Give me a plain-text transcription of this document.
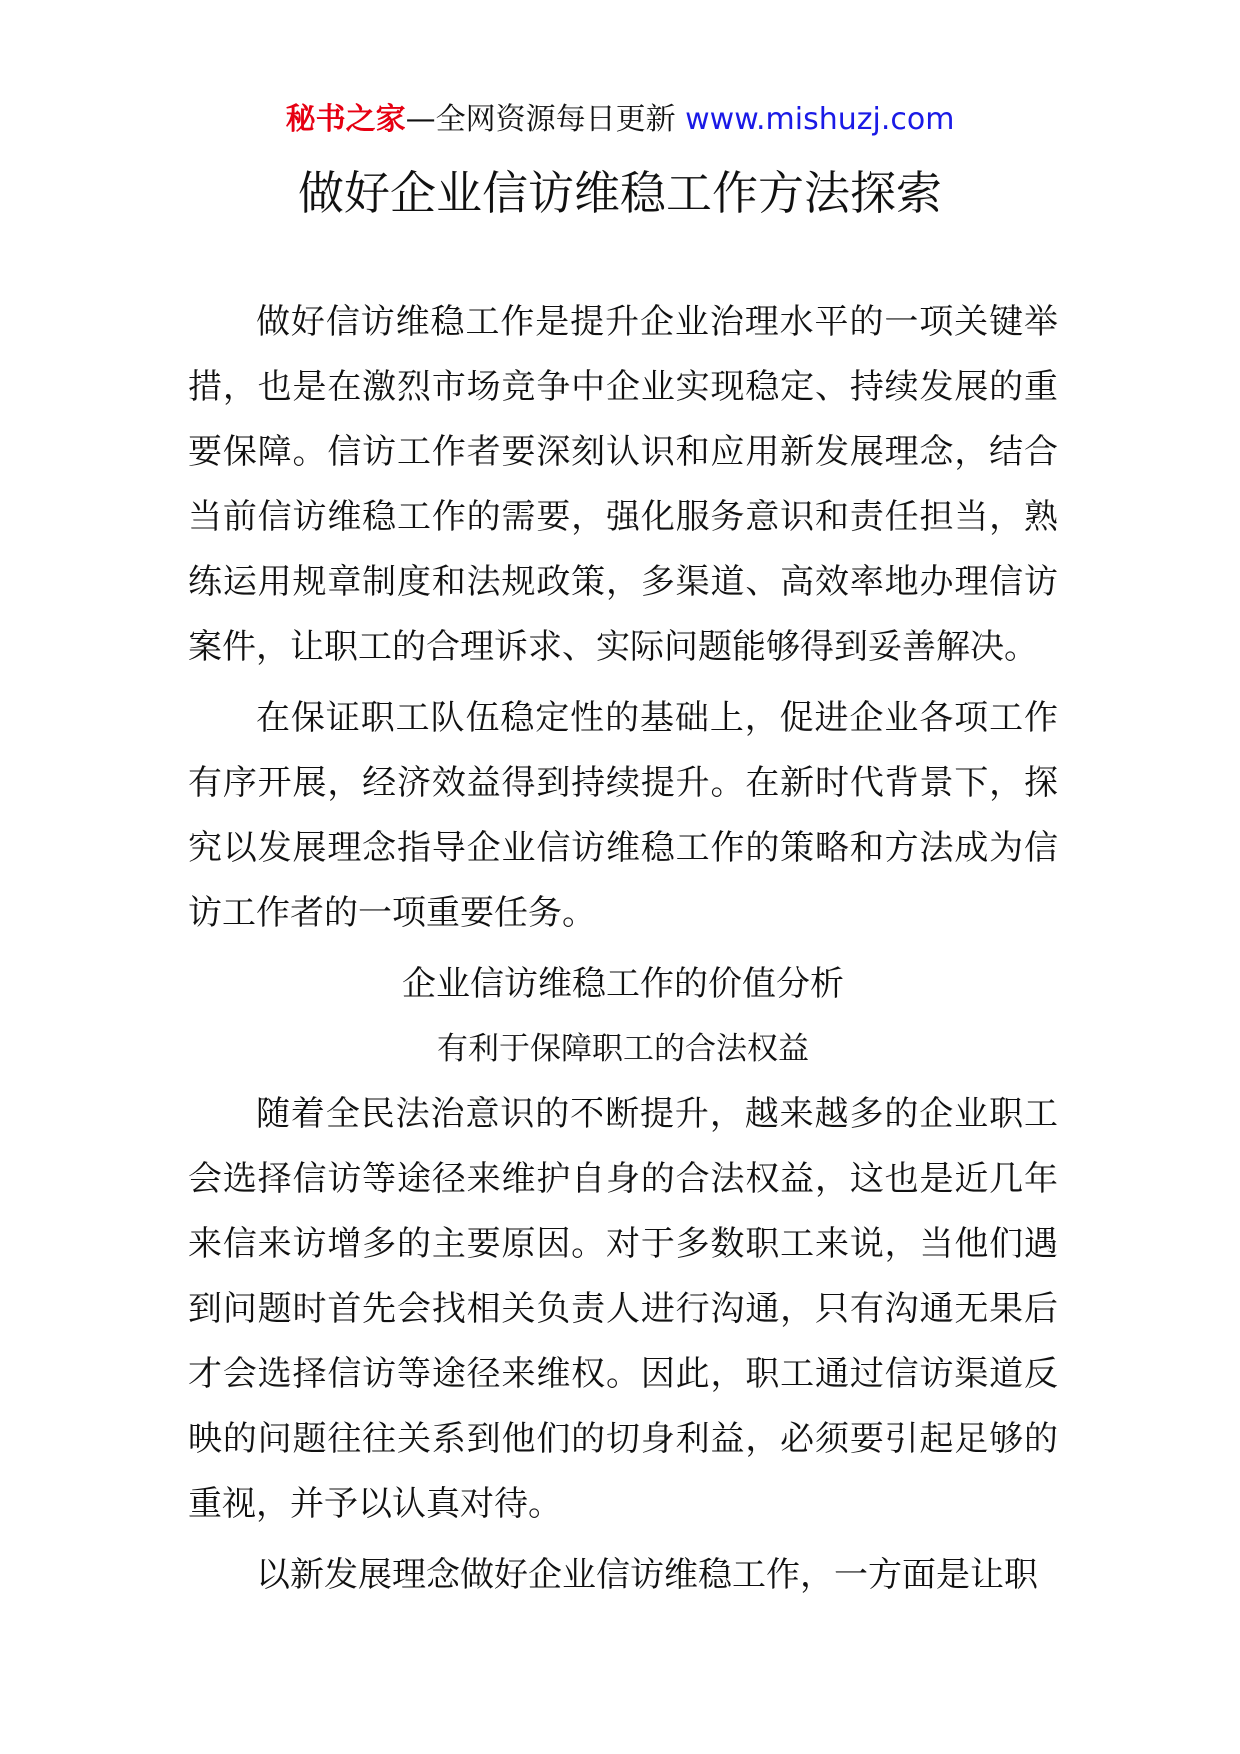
秘书之家—全网资源每日更新 www.mishuzj.com
做好企业信访维稳工作方法探索

做好信访维稳工作是提升企业治理水平的一项关键举措，也是在激烈市场竞争中企业实现稳定、持续发展的重要保障。信访工作者要深刻认识和应用新发展理念，结合当前信访维稳工作的需要，强化服务意识和责任担当，熟练运用规章制度和法规政策，多渠道、高效率地办理信访案件，让职工的合理诉求、实际问题能够得到妥善解决。

在保证职工队伍稳定性的基础上，促进企业各项工作有序开展，经济效益得到持续提升。在新时代背景下，探究以发展理念指导企业信访维稳工作的策略和方法成为信访工作者的一项重要任务。

企业信访维稳工作的价值分析
有利于保障职工的合法权益

随着全民法治意识的不断提升，越来越多的企业职工会选择信访等途径来维护自身的合法权益，这也是近几年来信来访增多的主要原因。对于多数职工来说，当他们遇到问题时首先会找相关负责人进行沟通，只有沟通无果后才会选择信访等途径来维权。因此，职工通过信访渠道反映的问题往往关系到他们的切身利益，必须要引起足够的重视，并予以认真对待。

以新发展理念做好企业信访维稳工作，一方面是让职
